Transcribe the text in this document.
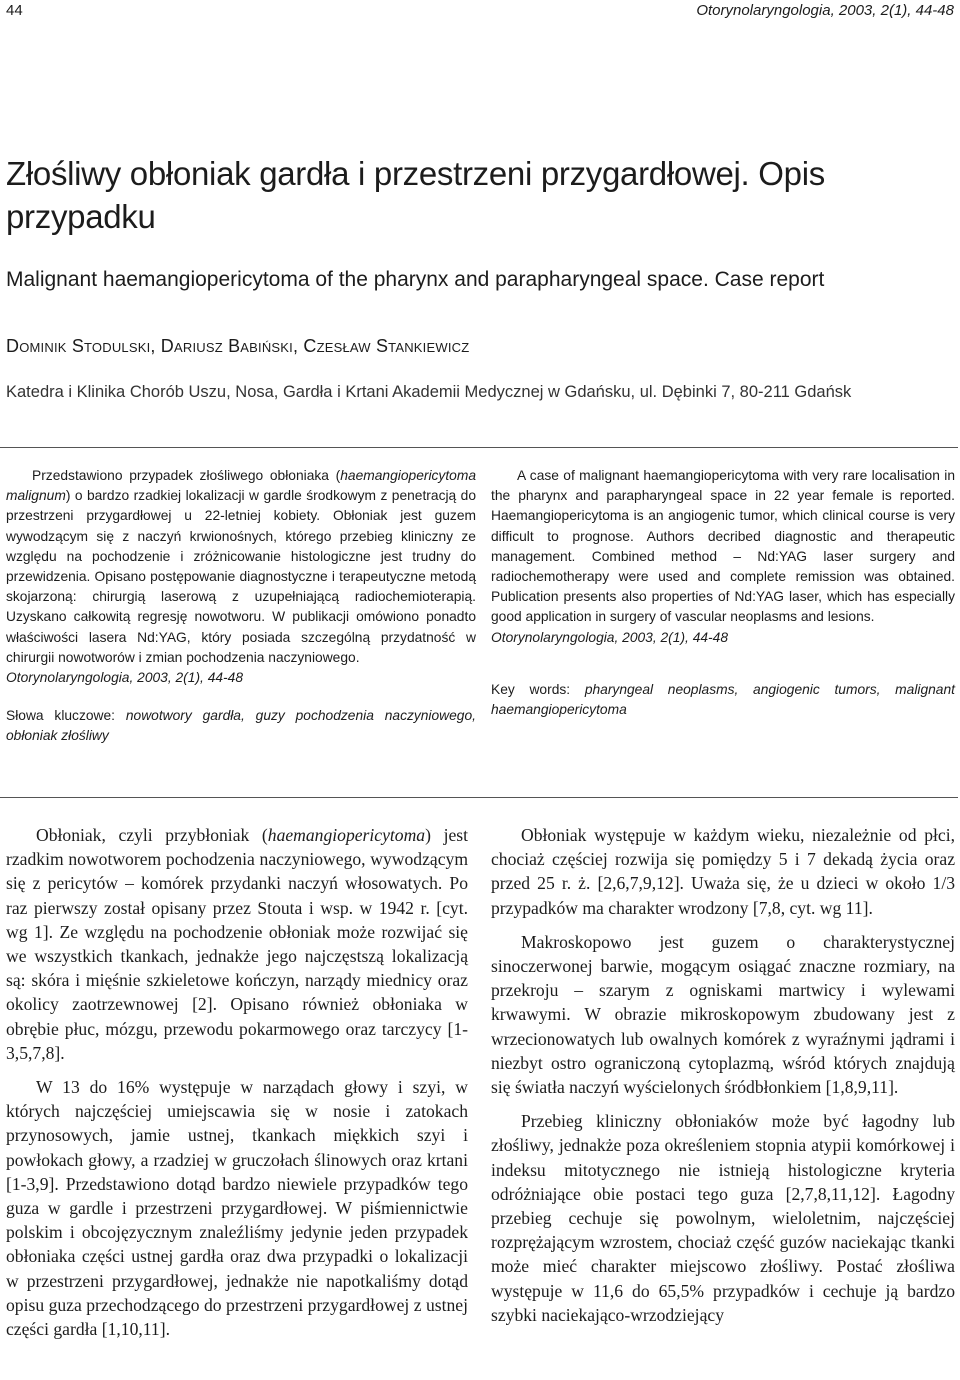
44	Otorynolaryngologia, 2003, 2(1), 44-48
Złośliwy obłoniak gardła i przestrzeni przygardłowej. Opis przypadku
Malignant haemangiopericytoma of the pharynx and parapharyngeal space. Case report
Dominik Stodulski, Dariusz Babiński, Czesław Stankiewicz
Katedra i Klinika Chorób Uszu, Nosa, Gardła i Krtani Akademii Medycznej w Gdańsku, ul. Dębinki 7, 80-211 Gdańsk

Przedstawiono przypadek złośliwego obłoniaka (haemangiopericytoma malignum) o bardzo rzadkiej lokalizacji w gardle środkowym z penetracją do przestrzeni przygardłowej u 22-letniej kobiety. Obłoniak jest guzem wywodzącym się z naczyń krwionośnych, którego przebieg kliniczny ze względu na pochodzenie i zróżnicowanie histologiczne jest trudny do przewidzenia. Opisano postępowanie diagnostyczne i terapeutyczne metodą skojarzoną: chirurgią laserową z uzupełniającą radiochemioterapią. Uzyskano całkowitą regresję nowotworu. W publikacji omówiono ponadto właściwości lasera Nd:YAG, który posiada szczególną przydatność w chirurgii nowotworów i zmian pochodzenia naczyniowego.

Otorynolaryngologia, 2003, 2(1), 44-48

Słowa kluczowe: nowotwory gardła, guzy pochodzenia naczyniowego, obłoniak złośliwy

A case of malignant haemangiopericytoma with very rare localisation in the pharynx and parapharyngeal space in 22 year female is reported. Haemangiopericytoma is an angiogenic tumor, which clinical course is very difficult to prognose. Authors decribed diagnostic and therapeutic management. Combined method – Nd:YAG laser surgery and radiochemotherapy were used and complete remission was obtained. Publication presents also properties of Nd:YAG laser, which has especially good application in surgery of vascular neoplasms and lesions.

Otorynolaryngologia, 2003, 2(1), 44-48

Key words: pharyngeal neoplasms, angiogenic tumors, malignant haemangiopericytoma

Obłoniak, czyli przybłoniak (haemangiopericytoma) jest rzadkim nowotworem pochodzenia naczyniowego, wywodzącym się z pericytów – komórek przydanki naczyń włosowatych. Po raz pierwszy został opisany przez Stouta i wsp. w 1942 r. [cyt. wg 1]. Ze względu na pochodzenie obłoniak może rozwijać się we wszystkich tkankach, jednakże jego najczęstszą lokalizacją są: skóra i mięśnie szkieletowe kończyn, narządy miednicy oraz okolicy zaotrzewnowej [2]. Opisano również obłoniaka w obrębie płuc, mózgu, przewodu pokarmowego oraz tarczycy [1-3,5,7,8].

W 13 do 16% występuje w narządach głowy i szyi, w których najczęściej umiejscawia się w nosie i zatokach przynosowych, jamie ustnej, tkankach miękkich szyi i powłokach głowy, a rzadziej w gruczołach ślinowych oraz krtani [1-3,9]. Przedstawiono dotąd bardzo niewiele przypadków tego guza w gardle i przestrzeni przygardłowej. W piśmiennictwie polskim i obcojęzycznym znaleźliśmy jedynie jeden przypadek obłoniaka części ustnej gardła oraz dwa przypadki o lokalizacji w przestrzeni przygardłowej, jednakże nie napotkaliśmy dotąd opisu guza przechodzącego do przestrzeni przygardłowej z ustnej części gardła [1,10,11].

Obłoniak występuje w każdym wieku, niezależnie od płci, chociaż częściej rozwija się pomiędzy 5 i 7 dekadą życia oraz przed 25 r. ż. [2,6,7,9,12]. Uważa się, że u dzieci w około 1/3 przypadków ma charakter wrodzony [7,8, cyt. wg 11].

Makroskopowo jest guzem o charakterystycznej sinoczerwonej barwie, mogącym osiągać znaczne rozmiary, na przekroju – szarym z ogniskami martwicy i wylewami krwawymi. W obrazie mikroskopowym zbudowany jest z wrzecionowatych lub owalnych komórek z wyraźnymi jądrami i niezbyt ostro ograniczoną cytoplazmą, wśród których znajdują się światła naczyń wyścielonych śródbłonkiem [1,8,9,11].

Przebieg kliniczny obłoniaków może być łagodny lub złośliwy, jednakże poza określeniem stopnia atypii komórkowej i indeksu mitotycznego nie istnieją histologiczne kryteria odróżniające obie postaci tego guza [2,7,8,11,12]. Łagodny przebieg cechuje się powolnym, wieloletnim, najczęściej rozprężającym wzrostem, chociaż część guzów naciekając tkanki może mieć charakter miejscowo złośliwy. Postać złośliwa występuje w 11,6 do 65,5% przypadków i cechuje ją bardzo szybki naciekająco-wrzodziejący
